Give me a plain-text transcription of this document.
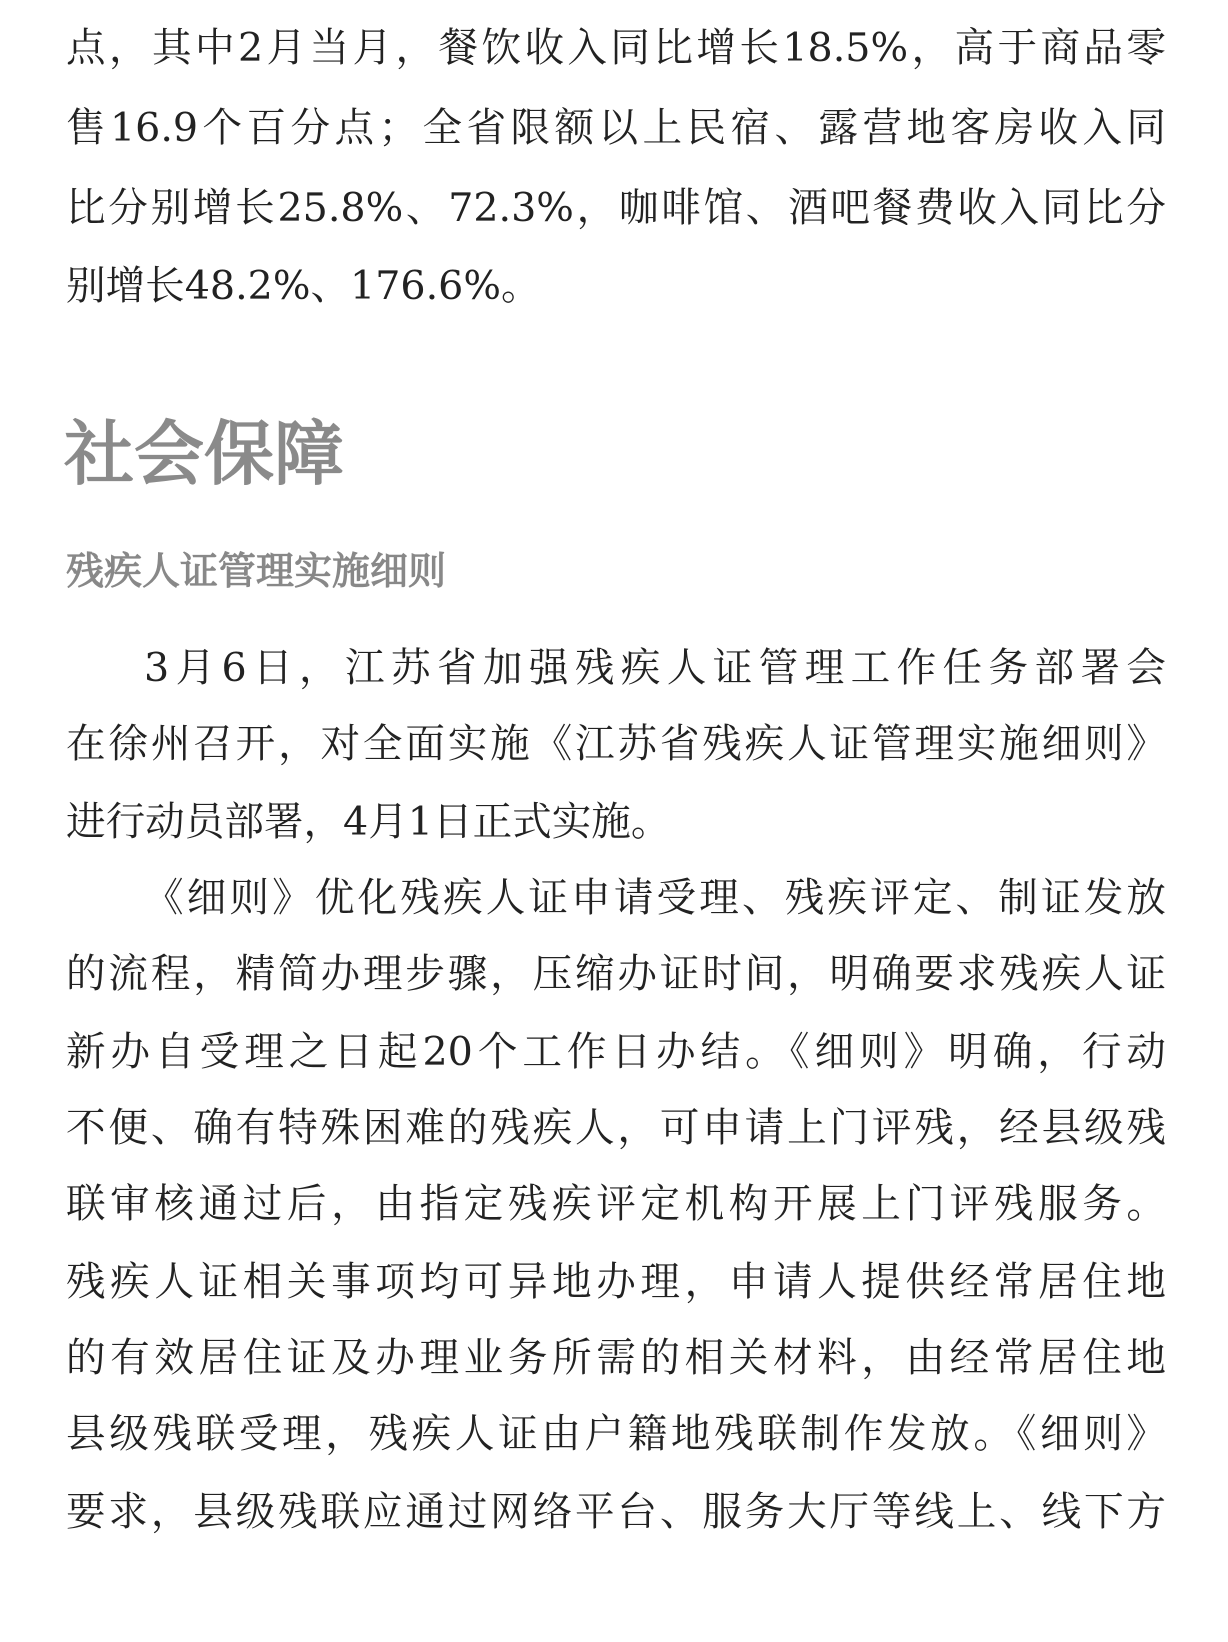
点，其中2月当月，餐饮收入同比增长18.5%，高于商品零

售16.9个百分点；全省限额以上民宿、露营地客房收入同

比分别增长25.8%、72.3%，咖啡馆、酒吧餐费收入同比分

别增长48.2%、176.6%。

社会保障
残疾人证管理实施细则

3月6日，江苏省加强残疾人证管理工作任务部署会

在徐州召开，对全面实施《江苏省残疾人证管理实施细则》

进行动员部署，4月1日正式实施。

《细则》优化残疾人证申请受理、残疾评定、制证发放

的流程，精简办理步骤，压缩办证时间，明确要求残疾人证

新办自受理之日起20个工作日办结。《细则》明确，行动

不便、确有特殊困难的残疾人，可申请上门评残，经县级残

联审核通过后，由指定残疾评定机构开展上门评残服务。

残疾人证相关事项均可异地办理，申请人提供经常居住地

的有效居住证及办理业务所需的相关材料，由经常居住地

县级残联受理，残疾人证由户籍地残联制作发放。《细则》

要求，县级残联应通过网络平台、服务大厅等线上、线下方
